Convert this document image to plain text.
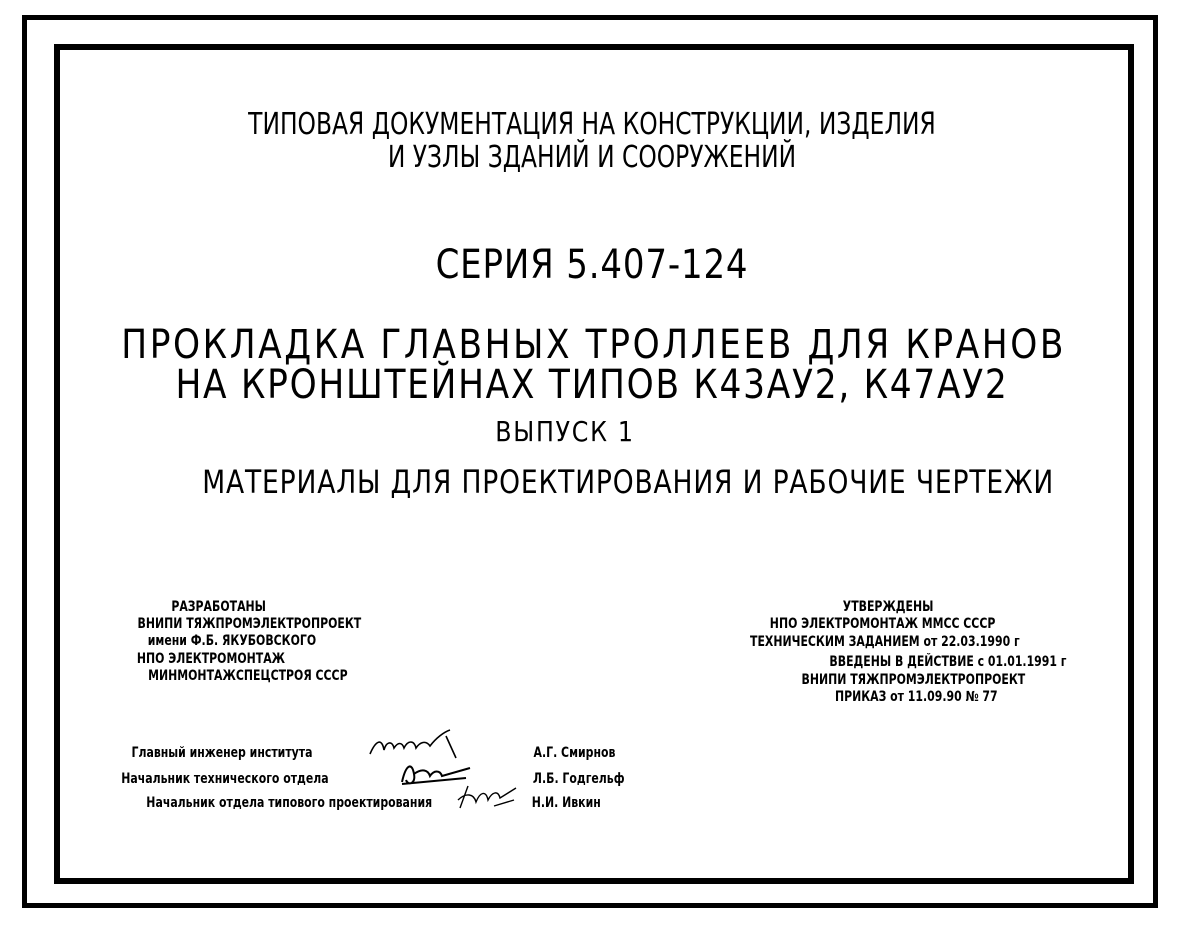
ТИПОВАЯ ДОКУМЕНТАЦИЯ НА КОНСТРУКЦИИ, ИЗДЕЛИЯ
И УЗЛЫ ЗДАНИЙ И СООРУЖЕНИЙ
СЕРИЯ 5.407-124
ПРОКЛАДКА ГЛАВНЫХ ТРОЛЛЕЕВ ДЛЯ КРАНОВ
НА КРОНШТЕЙНАХ ТИПОВ К43АУ2, К47АУ2
ВЫПУСК 1
МАТЕРИАЛЫ ДЛЯ ПРОЕКТИРОВАНИЯ И РАБОЧИЕ ЧЕРТЕЖИ
РАЗРАБОТАНЫ
ВНИПИ ТЯЖПРОМЭЛЕКТРОПРОЕКТ
имени Ф.Б. ЯКУБОВСКОГО
НПО ЭЛЕКТРОМОНТАЖ
МИНМОНТАЖСПЕЦСТРОЯ СССР
УТВЕРЖДЕНЫ
НПО ЭЛЕКТРОМОНТАЖ ММСС СССР
ТЕХНИЧЕСКИМ ЗАДАНИЕМ от 22.03.1990 г
ВВЕДЕНЫ В ДЕЙСТВИЕ с 01.01.1991 г
ВНИПИ ТЯЖПРОМЭЛЕКТРОПРОЕКТ
ПРИКАЗ от 11.09.90 № 77
Главный инженер института
Начальник технического отдела
Начальник отдела типового проектирования
А.Г. Смирнов
Л.Б. Годгельф
Н.И. Ивкин
